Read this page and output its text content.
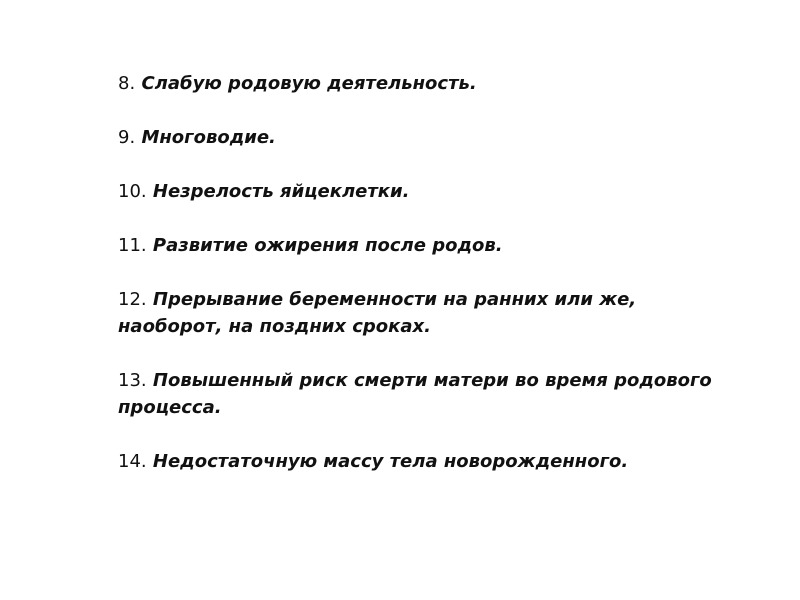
8. Слабую родовую деятельность.

9. Многоводие.

10. Незрелость яйцеклетки.

11. Развитие ожирения после родов.

12. Прерывание беременности на ранних или же, наоборот, на поздних сроках.

13. Повышенный риск смерти матери во время родового процесса.

14. Недостаточную массу тела новорожденного.
